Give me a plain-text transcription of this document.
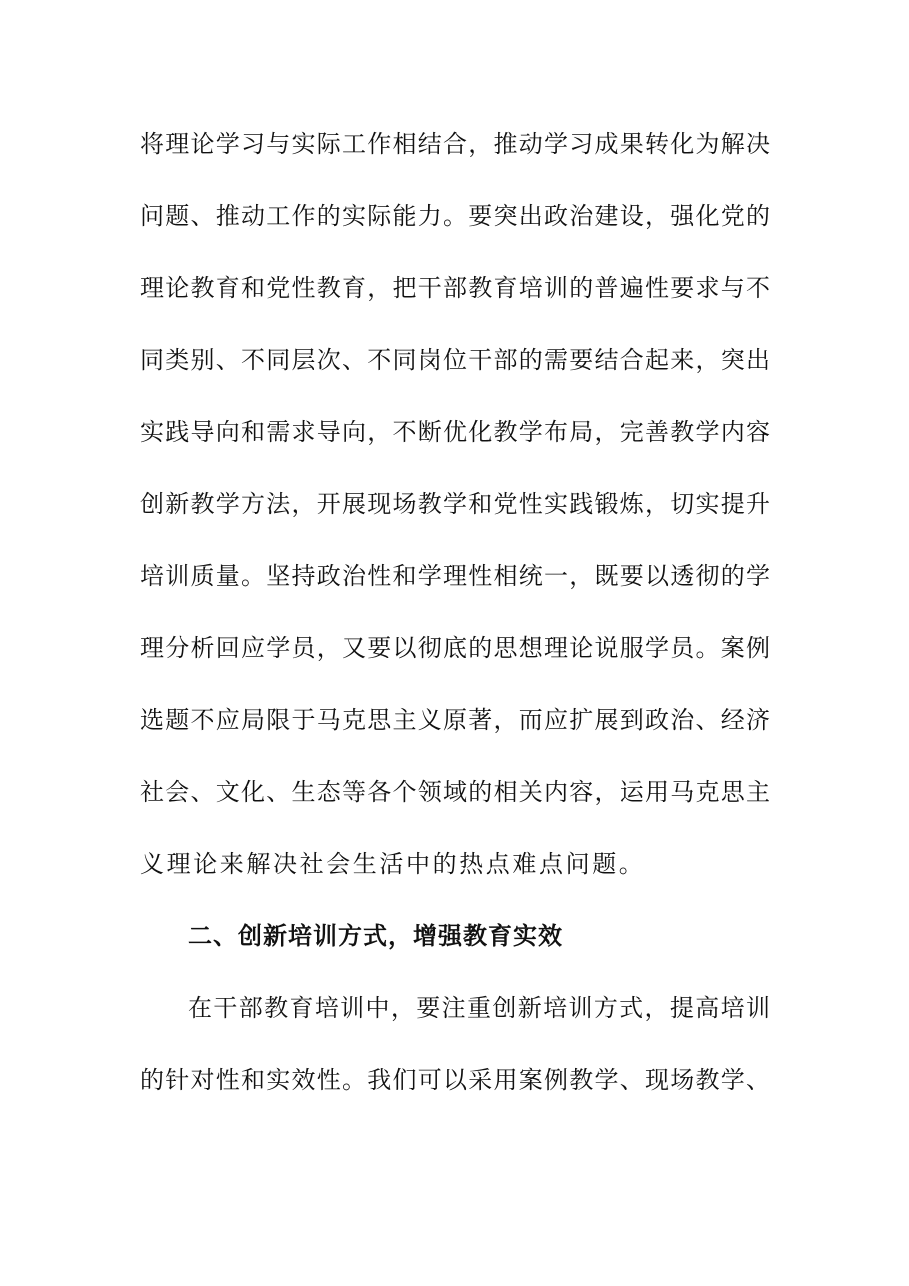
将理论学习与实际工作相结合，推动学习成果转化为解决
问题、推动工作的实际能力。要突出政治建设，强化党的
理论教育和党性教育，把干部教育培训的普遍性要求与不
同类别、不同层次、不同岗位干部的需要结合起来，突出
实践导向和需求导向，不断优化教学布局，完善教学内容
创新教学方法，开展现场教学和党性实践锻炼，切实提升
培训质量。坚持政治性和学理性相统一，既要以透彻的学
理分析回应学员，又要以彻底的思想理论说服学员。案例
选题不应局限于马克思主义原著，而应扩展到政治、经济
社会、文化、生态等各个领域的相关内容，运用马克思主
义理论来解决社会生活中的热点难点问题。
二、创新培训方式，增强教育实效
在干部教育培训中，要注重创新培训方式，提高培训
的针对性和实效性。我们可以采用案例教学、现场教学、
